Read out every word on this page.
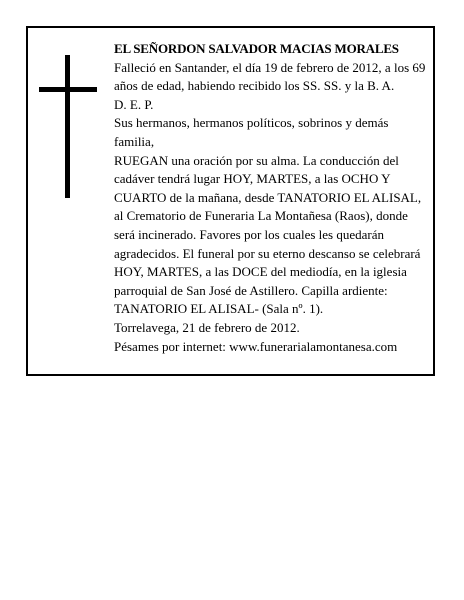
EL SEÑORDON SALVADOR MACIAS MORALES
Falleció en Santander, el día 19 de febrero de 2012, a los 69 años de edad, habiendo recibido los SS. SS. y la B. A.
D. E. P.
Sus hermanos, hermanos políticos, sobrinos y demás familia,
RUEGAN una oración por su alma. La conducción del cadáver tendrá lugar HOY, MARTES, a las OCHO Y CUARTO de la mañana, desde TANATORIO EL ALISAL, al Crematorio de Funeraria La Montañesa (Raos), donde será incinerado. Favores por los cuales les quedarán agradecidos. El funeral por su eterno descanso se celebrará HOY, MARTES, a las DOCE del mediodía, en la iglesia parroquial de San José de Astillero. Capilla ardiente: TANATORIO EL ALISAL- (Sala nº. 1).
Torrelavega, 21 de febrero de 2012.
Pésames por internet: www.funerarialamontanesa.com
